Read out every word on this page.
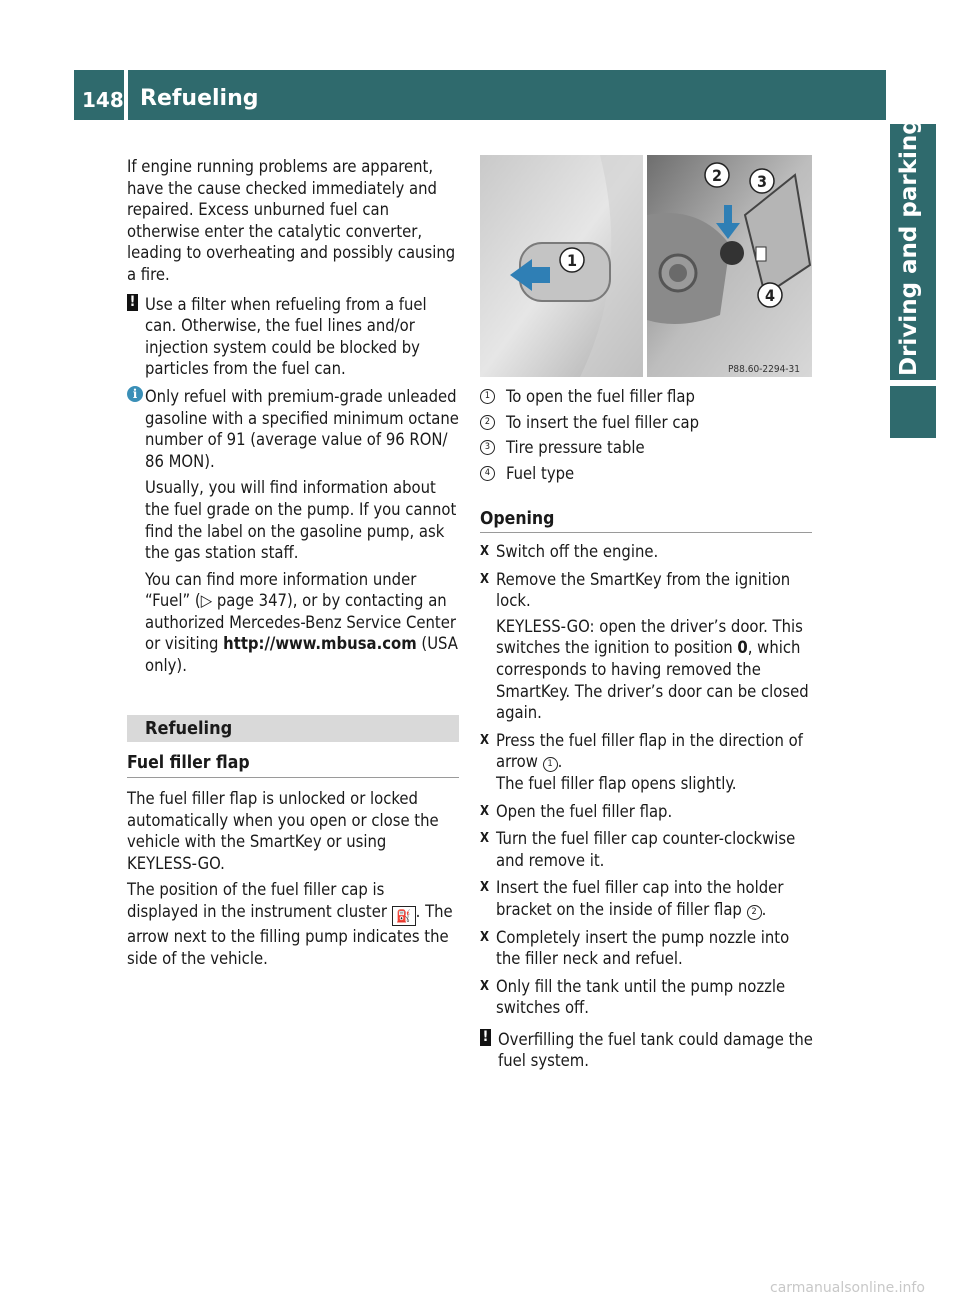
148 Refueling
Driving and parking

If engine running problems are apparent, have the cause checked immediately and repaired. Excess unburned fuel can otherwise enter the catalytic converter, leading to overheating and possibly causing a fire.

! Use a filter when refueling from a fuel can. Otherwise, the fuel lines and/or injection system could be blocked by particles from the fuel can.
i Only refuel with premium-grade unleaded gasoline with a specified minimum octane number of 91 (average value of 96 RON/ 86 MON).

Usually, you will find information about the fuel grade on the pump. If you cannot find the label on the gasoline pump, ask the gas station staff.

You can find more information under “Fuel” (▷ page 347), or by contacting an authorized Mercedes-Benz Service Center or visiting http://www.mbusa.com (USA only).

Refueling
Fuel filler flap

The fuel filler flap is unlocked or locked automatically when you open or close the vehicle with the SmartKey or using KEYLESS-GO.

The position of the fuel filler cap is displayed in the instrument cluster ⛽ . The arrow next to the filling pump indicates the side of the vehicle.

1
2 3
4
P88.60-2294-31
1 To open the fuel filler flap
2 To insert the fuel filler cap
3 Tire pressure table
4 Fuel type
Opening
X Switch off the engine.
X Remove the SmartKey from the ignition lock.

KEYLESS-GO: open the driver’s door. This switches the ignition to position 0, which corresponds to having removed the SmartKey. The driver’s door can be closed again.

X Press the fuel filler flap in the direction of arrow 1 .
The fuel filler flap opens slightly.
X Open the fuel filler flap.
X Turn the fuel filler cap counter-clockwise and remove it.
X Insert the fuel filler cap into the holder bracket on the inside of filler flap 2 .
X Completely insert the pump nozzle into the filler neck and refuel.
X Only fill the tank until the pump nozzle switches off.
! Overfilling the fuel tank could damage the fuel system.
carmanualsonline.info
